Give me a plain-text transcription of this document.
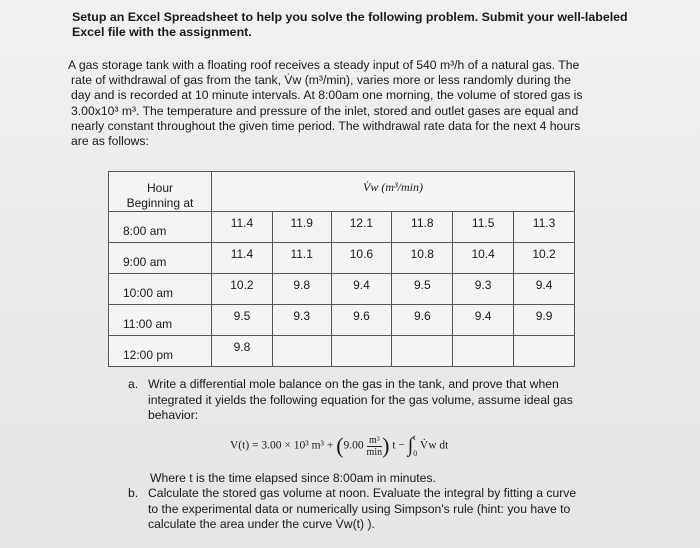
Setup an Excel Spreadsheet to help you solve the following problem. Submit your well-labeled Excel file with the assignment.
A gas storage tank with a floating roof receives a steady input of 540 m³/h of a natural gas. The
rate of withdrawal of gas from the tank, V̇w (m³/min), varies more or less randomly during the
day and is recorded at 10 minute intervals. At 8:00am one morning, the volume of stored gas is
3.00x10³ m³. The temperature and pressure of the inlet, stored and outlet gases are equal and
nearly constant throughout the given time period. The withdrawal rate data for the next 4 hours
are as follows:
Hour
Beginning at	V̇w (m³/min)					
8:00 am	11.4	11.9	12.1	11.8	11.5	11.3
9:00 am	11.4	11.1	10.6	10.8	10.4	10.2
10:00 am	10.2	9.8	9.4	9.5	9.3	9.4
11:00 am	9.5	9.3	9.6	9.6	9.4	9.9
12:00 pm	9.8					
a. Write a differential mole balance on the gas in the tank, and prove that when
integrated it yields the following equation for the gas volume, assume ideal gas
behavior:
V(t) = 3.00 × 10³ $m^3 + (9.00 \frac{\text{m³}}{\min}$ ) t − ∫ t
0
V̇w dt
Where t is the time elapsed since 8:00am in minutes.
b. Calculate the stored gas volume at noon. Evaluate the integral by fitting a curve
to the experimental data or numerically using Simpson's rule (hint: you have to
calculate the area under the curve V̇w(t) ).
